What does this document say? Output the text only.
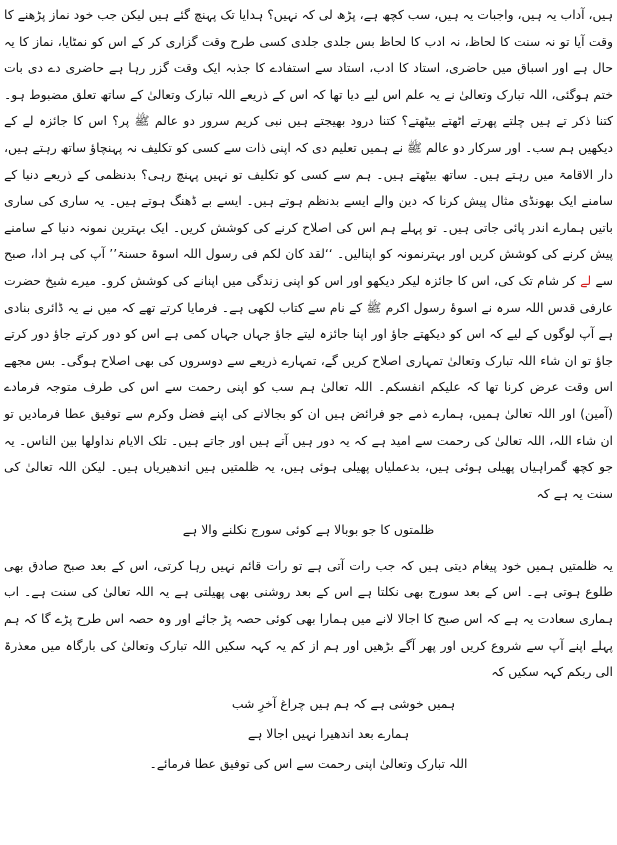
ہیں، آداب یہ ہیں، واجبات یہ ہیں، سب کچھ ہے، پڑھ لی کہ نہیں؟ ہدایا تک پہنچ گئے ہیں لیکن جب خود نماز پڑھنے کا وقت آیا تو نہ سنت کا لحاظ، نہ ادب کا لحاظ بس جلدی جلدی کسی طرح وقت گزاری کر کے اس کو نمٹایا، نماز کا یہ حال ہے اور اسباق میں حاضری، استاد کا ادب، استاد سے استفادے کا جذبہ ایک وقت گزر رہا ہے حاضری دے دی بات ختم ہوگئی، اللہ تبارک وتعالیٰ نے یہ علم اس لیے دیا تھا کہ اس کے ذریعے اللہ تبارک وتعالیٰ کے ساتھ تعلق مضبوط ہو۔ کتنا ذکر تے ہیں چلتے پھرتے اٹھتے بیٹھتے؟ کتنا درود بھیجتے ہیں نبی کریم سرور دو عالم ﷺ پر؟ اس کا جائزہ لے کے دیکھیں ہم سب۔ اور سرکار دو عالم ﷺ نے ہمیں تعلیم دی کہ اپنی ذات سے کسی کو تکلیف نہ پہنچاؤ ساتھ رہتے ہیں، دار الاقامۃ میں رہتے ہیں۔ ساتھ بیٹھتے ہیں۔ ہم سے کسی کو تکلیف تو نہیں پہنچ رہی؟ بدنظمی کے ذریعے دنیا کے سامنے ایک بھونڈی مثال پیش کرنا کہ دین والے ایسے بدنظم ہوتے ہیں۔ ایسے بے ڈھنگ ہوتے ہیں۔ یہ ساری کی ساری باتیں ہمارے اندر پائی جاتی ہیں۔ تو پہلے ہم اس کی اصلاح کرنے کی کوشش کریں۔ ایک بہترین نمونہ دنیا کے سامنے پیش کرنے کی کوشش کریں اور بہترنمونہ کو اپنالیں۔ ‘‘لقد کان لکم فی رسول اللہ اسوۃ حسنۃ’’ آپ کی ہر ادا، صبح سے لے کر شام تک کی، اس کا جائزہ لیکر دیکھو اور اس کو اپنی زندگی میں اپنانے کی کوشش کرو۔ میرے شیخ حضرت عارفی قدس اللہ سرہ نے اسوۂ رسول اکرم ﷺ کے نام سے کتاب لکھی ہے۔ فرمایا کرتے تھے کہ میں نے یہ ڈائری بنادی ہے آپ لوگوں کے لیے کہ اس کو دیکھتے جاؤ اور اپنا جائزہ لیتے جاؤ جہاں جہاں کمی ہے اس کو دور کرتے جاؤ دور کرتے جاؤ تو ان شاء اللہ تبارک وتعالیٰ تمہاری اصلاح کریں گے، تمہارے ذریعے سے دوسروں کی بھی اصلاح ہوگی۔ بس مجھے اس وقت عرض کرنا تھا کہ علیکم انفسکم۔ اللہ تعالیٰ ہم سب کو اپنی رحمت سے اس کی طرف متوجہ فرمادے (آمین) اور اللہ تعالیٰ ہمیں، ہمارے ذمے جو فرائض ہیں ان کو بجالانے کی اپنے فضل وکرم سے توفیق عطا فرمادیں تو ان شاء اللہ، اللہ تعالیٰ کی رحمت سے امید ہے کہ یہ دور ہیں آتے ہیں اور جاتے ہیں۔ تلک الایام نداولھا بین الناس۔ یہ جو کچھ گمراہیاں پھیلی ہوئی ہیں، بدعملیاں پھیلی ہوئی ہیں، یہ ظلمتیں ہیں اندھیریاں ہیں۔ لیکن اللہ تعالیٰ کی سنت یہ ہے کہ

ظلمتوں کا جو بوبالا ہے کوئی سورج نکلنے والا ہے

یہ ظلمتیں ہمیں خود پیغام دیتی ہیں کہ جب رات آتی ہے تو رات قائم نہیں رہا کرتی، اس کے بعد صبح صادق بھی طلوع ہوتی ہے۔ اس کے بعد سورج بھی نکلتا ہے اس کے بعد روشنی بھی پھیلتی ہے یہ اللہ تعالیٰ کی سنت ہے۔ اب ہماری سعادت یہ ہے کہ اس صبح کا اجالا لانے میں ہمارا بھی کوئی حصہ پڑ جائے اور وہ حصہ اس طرح پڑے گا کہ ہم پہلے اپنے آپ سے شروع کریں اور پھر آگے بڑھیں اور ہم از کم یہ کہہ سکیں اللہ تبارک وتعالیٰ کی بارگاہ میں معذرۃ الی ربکم کہہ سکیں کہ

ہمیں خوشی ہے کہ ہم ہیں چراغ آخرِ شب

ہمارے بعد اندھیرا نہیں اجالا ہے

اللہ تبارک وتعالیٰ اپنی رحمت سے اس کی توفیق عطا فرمائے۔
